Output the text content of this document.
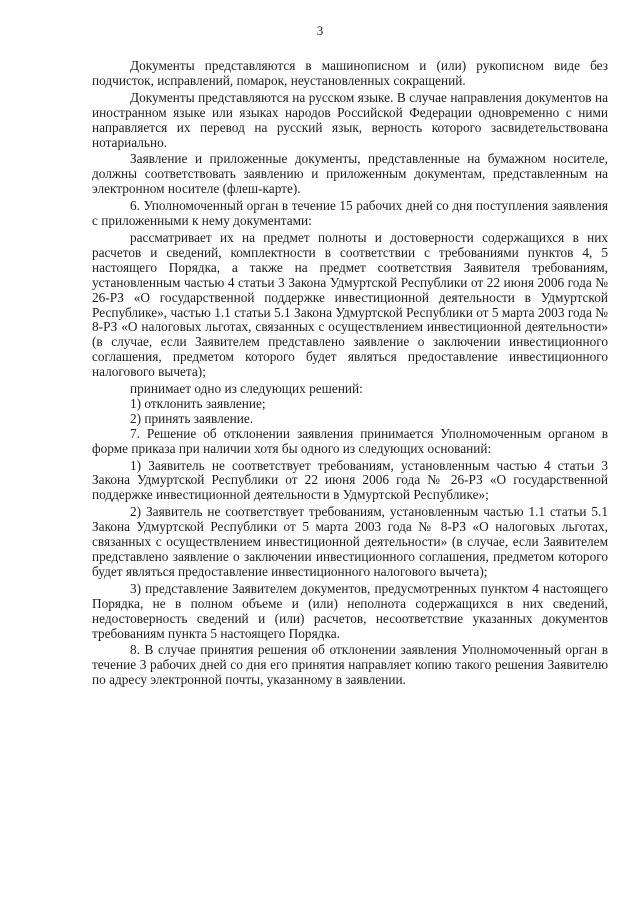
3

Документы представляются в машинописном и (или) рукописном виде без подчисток, исправлений, помарок, неустановленных сокращений.

Документы представляются на русском языке. В случае направления документов на иностранном языке или языках народов Российской Федерации одновременно с ними направляется их перевод на русский язык, верность которого засвидетельствована нотариально.

Заявление и приложенные документы, представленные на бумажном носителе, должны соответствовать заявлению и приложенным документам, представленным на электронном носителе (флеш-карте).

6. Уполномоченный орган в течение 15 рабочих дней со дня поступления заявления с приложенными к нему документами:

рассматривает их на предмет полноты и достоверности содержащихся в них расчетов и сведений, комплектности в соответствии с требованиями пунктов 4, 5 настоящего Порядка, а также на предмет соответствия Заявителя требованиям, установленным частью 4 статьи 3 Закона Удмуртской Республики от 22 июня 2006 года № 26-РЗ «О государственной поддержке инвестиционной деятельности в Удмуртской Республике», частью 1.1 статьи 5.1 Закона Удмуртской Республики от 5 марта 2003 года № 8-РЗ «О налоговых льготах, связанных с осуществлением инвестиционной деятельности» (в случае, если Заявителем представлено заявление о заключении инвестиционного соглашения, предметом которого будет являться предоставление инвестиционного налогового вычета);

принимает одно из следующих решений:

1) отклонить заявление;

2) принять заявление.

7. Решение об отклонении заявления принимается Уполномоченным органом в форме приказа при наличии хотя бы одного из следующих оснований:

1) Заявитель не соответствует требованиям, установленным частью 4 статьи 3 Закона Удмуртской Республики от 22 июня 2006 года № 26-РЗ «О государственной поддержке инвестиционной деятельности в Удмуртской Республике»;

2) Заявитель не соответствует требованиям, установленным частью 1.1 статьи 5.1 Закона Удмуртской Республики от 5 марта 2003 года № 8-РЗ «О налоговых льготах, связанных с осуществлением инвестиционной деятельности» (в случае, если Заявителем представлено заявление о заключении инвестиционного соглашения, предметом которого будет являться предоставление инвестиционного налогового вычета);

3) представление Заявителем документов, предусмотренных пунктом 4 настоящего Порядка, не в полном объеме и (или) неполнота содержащихся в них сведений, недостоверность сведений и (или) расчетов, несоответствие указанных документов требованиям пункта 5 настоящего Порядка.

8. В случае принятия решения об отклонении заявления Уполномоченный орган в течение 3 рабочих дней со дня его принятия направляет копию такого решения Заявителю по адресу электронной почты, указанному в заявлении.
